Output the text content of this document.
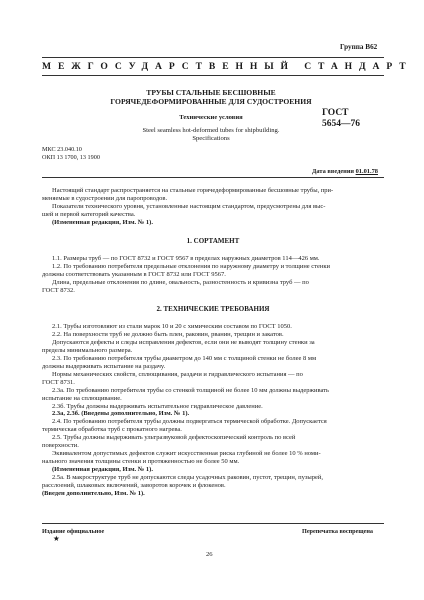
Группа В62
МЕЖГОСУДАРСТВЕННЫЙ СТАНДАРТ
ТРУБЫ СТАЛЬНЫЕ БЕСШОВНЫЕ
ГОРЯЧЕДЕФОРМИРОВАННЫЕ ДЛЯ СУДОСТРОЕНИЯ
Технические условия
Steel seamless hot-deformed tubes for shipbuilding.
Specifications
ГОСТ
5654—76
МКС 23.040.10
ОКП 13 1700, 13 1900
Дата введения 01.01.78

Настоящий стандарт распространяется на стальные горячедеформированные бесшовные трубы, при-

меняемые в судостроении для паропроводов.

Показатели технического уровня, установленные настоящим стандартом, предусмотрены для выс-

шей и первой категорий качества.

(Измененная редакция, Изм. № 1).

1. СОРТАМЕНТ

1.1. Размеры труб — по ГОСТ 8732 и ГОСТ 9567 в пределах наружных диаметров 114—426 мм.

1.2. По требованию потребителя предельные отклонения по наружному диаметру и толщине стенки

должны соответствовать указанным в ГОСТ 8732 или ГОСТ 9567.

Длина, предельные отклонения по длине, овальность, разностенность и кривизна труб — по

ГОСТ 8732.

2. ТЕХНИЧЕСКИЕ ТРЕБОВАНИЯ

2.1. Трубы изготовляют из стали марок 10 и 20 с химическим составом по ГОСТ 1050.

2.2. На поверхности труб не должно быть плен, раковин, рванин, трещин и закатов.

Допускаются дефекты и следы исправления дефектов, если они не выводят толщину стенки за

пределы минимального размера.

2.3. По требованию потребителя трубы диаметром до 140 мм с толщиной стенки не более 8 мм

должны выдерживать испытание на раздачу.

Нормы механических свойств, сплющивания, раздачи и гидравлического испытания — по

ГОСТ 8731.

2.3а. По требованию потребителя трубы со стенкой толщиной не более 10 мм должны выдерживать

испытание на сплющивание.

2.3б. Трубы должны выдерживать испытательное гидравлическое давление.

2.3а, 2.3б. (Введены дополнительно, Изм. № 1).

2.4. По требованию потребителя трубы должны подвергаться термической обработке. Допускается

термическая обработка труб с прокатного нагрева.

2.5. Трубы должны выдерживать ультразвуковой дефектоскопический контроль по всей

поверхности.

Эквивалентом допустимых дефектов служит искусственная риска глубиной не более 10 % номи-

нального значения толщины стенки и протяженностью не более 50 мм.

(Измененная редакция, Изм. № 1).

2.5а. В макроструктуре труб не допускаются следы усадочных раковин, пустот, трещин, пузырей,

расслоений, шлаковых включений, заворотов корочек и флокенов.

(Введен дополнительно, Изм. № 1).

Издание официальное
★
Перепечатка воспрещена
26
